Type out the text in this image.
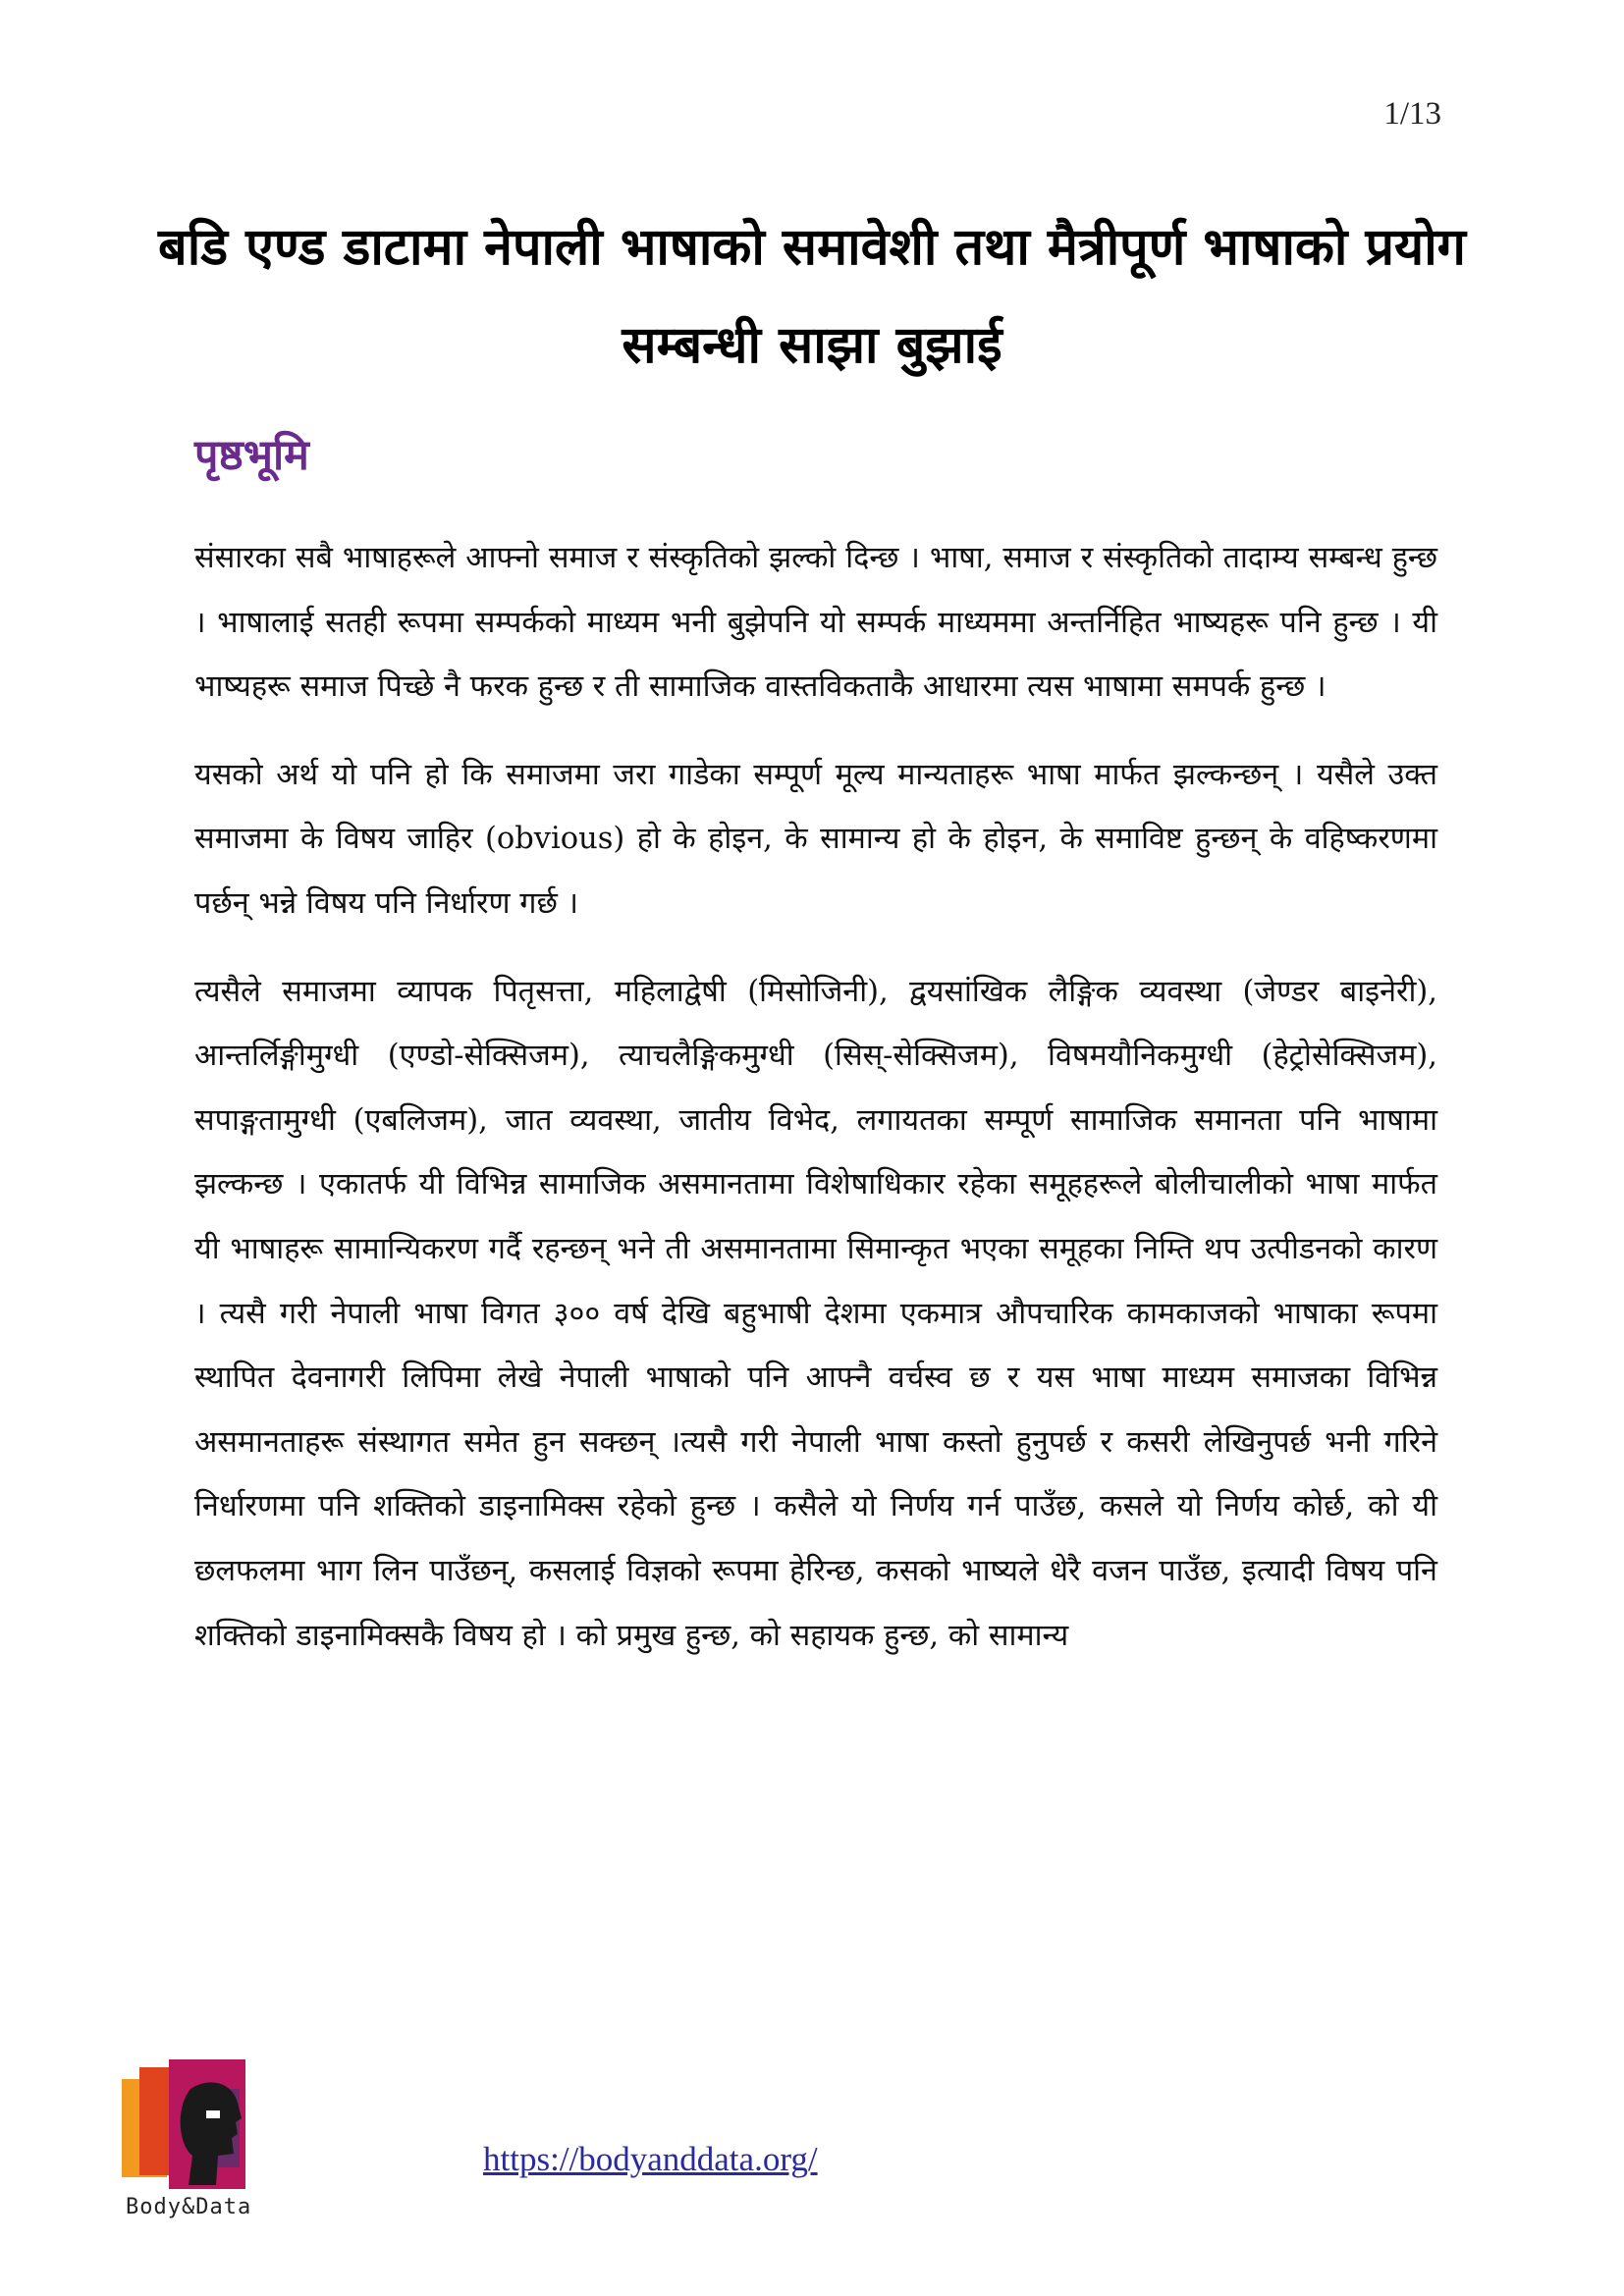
1/13
बडि एण्ड डाटामा नेपाली भाषाको समावेशी तथा मैत्रीपूर्ण भाषाको प्रयोग सम्बन्धी साझा बुझाई
पृष्ठभूमि

संसारका सबै भाषाहरूले आफ्नो समाज र संस्कृतिको झल्को दिन्छ । भाषा, समाज र संस्कृतिको तादाम्य सम्बन्ध हुन्छ । भाषालाई सतही रूपमा सम्पर्कको माध्यम भनी बुझेपनि यो सम्पर्क माध्यममा अन्तर्निहित भाष्यहरू पनि हुन्छ । यी भाष्यहरू समाज पिच्छे नै फरक हुन्छ र ती सामाजिक वास्तविकताकै आधारमा त्यस भाषामा समपर्क हुन्छ ।

यसको अर्थ यो पनि हो कि समाजमा जरा गाडेका सम्पूर्ण मूल्य मान्यताहरू भाषा मार्फत झल्कन्छन् । यसैले उक्त समाजमा के विषय जाहिर (obvious) हो के होइन, के सामान्य हो के होइन, के समाविष्ट हुन्छन् के वहिष्करणमा पर्छन् भन्ने विषय पनि निर्धारण गर्छ ।

त्यसैले समाजमा व्यापक पितृसत्ता, महिलाद्वेषी (मिसोजिनी), द्वयसांखिक लैङ्गिक व्यवस्था (जेण्डर बाइनेरी), आन्तर्लिङ्गीमुग्धी (एण्डो-सेक्सिजम), त्याचलैङ्गिकमुग्धी (सिस्-सेक्सिजम), विषमयौनिकमुग्धी (हेट्रोसेक्सिजम), सपाङ्गतामुग्धी (एबलिजम), जात व्यवस्था, जातीय विभेद, लगायतका सम्पूर्ण सामाजिक समानता पनि भाषामा झल्कन्छ । एकातर्फ यी विभिन्न सामाजिक असमानतामा विशेषाधिकार रहेका समूहहरूले बोलीचालीको भाषा मार्फत यी भाषाहरू सामान्यिकरण गर्दै रहन्छन् भने ती असमानतामा सिमान्कृत भएका समूहका निम्ति थप उत्पीडनको कारण । त्यसै गरी नेपाली भाषा विगत ३०० वर्ष देखि बहुभाषी देशमा एकमात्र औपचारिक कामकाजको भाषाका रूपमा स्थापित देवनागरी लिपिमा लेखे नेपाली भाषाको पनि आफ्नै वर्चस्व छ र यस भाषा माध्यम समाजका विभिन्न असमानताहरू संस्थागत समेत हुन सक्छन् ।त्यसै गरी नेपाली भाषा कस्तो हुनुपर्छ र कसरी लेखिनुपर्छ भनी गरिने निर्धारणमा पनि शक्तिको डाइनामिक्स रहेको हुन्छ । कसैले यो निर्णय गर्न पाउँछ, कसले यो निर्णय कोर्छ, को यी छलफलमा भाग लिन पाउँछन्, कसलाई विज्ञको रूपमा हेरिन्छ, कसको भाष्यले धेरै वजन पाउँछ, इत्यादी विषय पनि शक्तिको डाइनामिक्सकै विषय हो । को प्रमुख हुन्छ, को सहायक हुन्छ, को सामान्य

Body&Data
https://bodyanddata.org/
